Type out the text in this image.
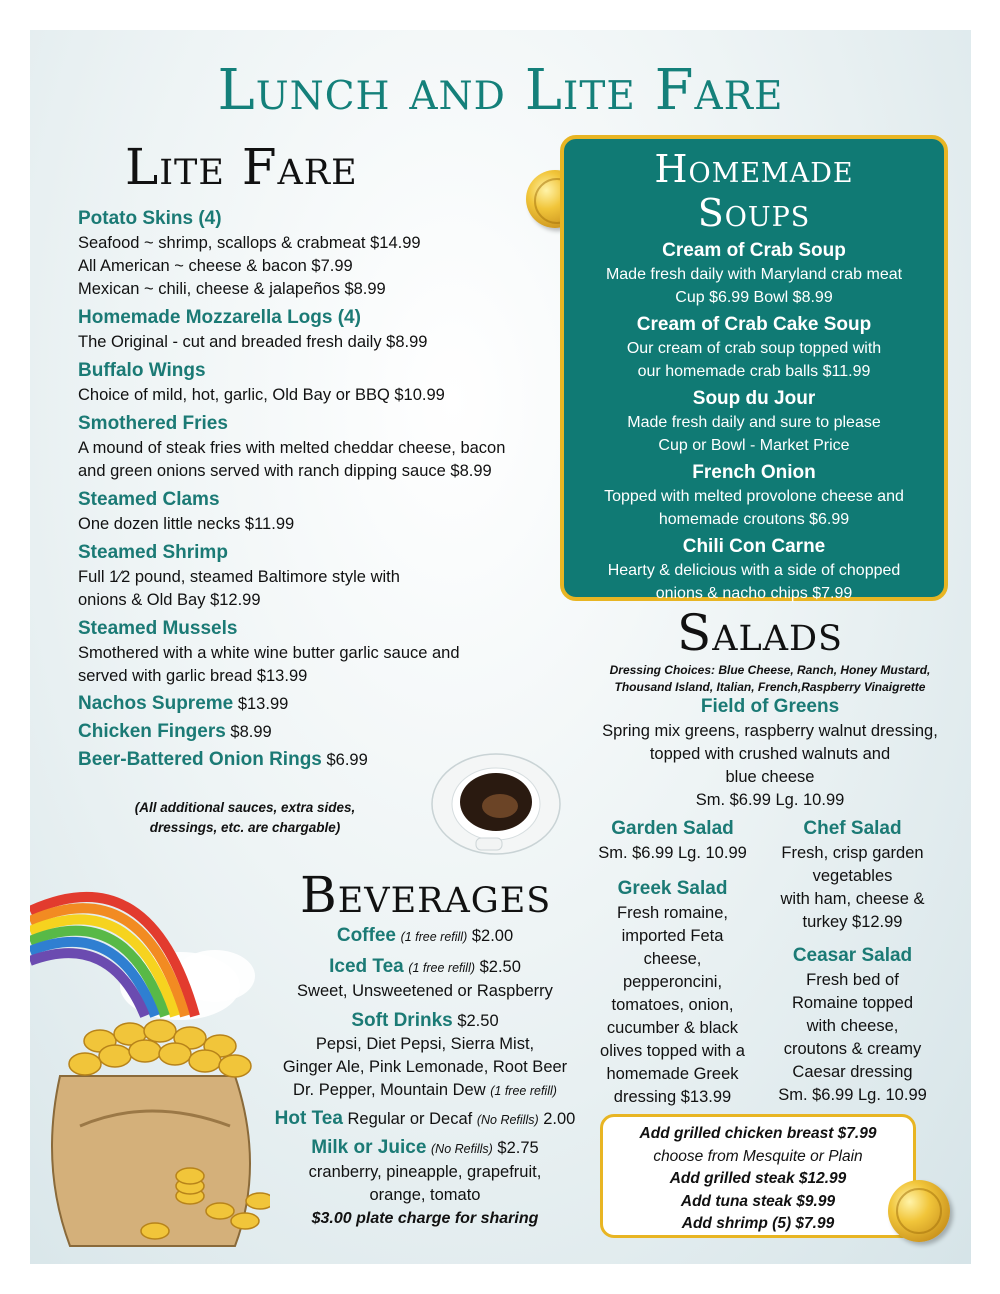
Lunch and Lite Fare
Lite Fare
Potato Skins (4)
Seafood ~ shrimp, scallops & crabmeat $14.99
All American ~ cheese & bacon $7.99
Mexican ~ chili, cheese & jalapeños $8.99
Homemade Mozzarella Logs (4)
The Original - cut and breaded fresh daily $8.99
Buffalo Wings
Choice of mild, hot, garlic, Old Bay or BBQ $10.99
Smothered Fries
A mound of steak fries with melted cheddar cheese, bacon
and green onions served with ranch dipping sauce $8.99
Steamed Clams
One dozen little necks $11.99
Steamed Shrimp
Full 1⁄2 pound, steamed Baltimore style with
onions & Old Bay $12.99
Steamed Mussels
Smothered with a white wine butter garlic sauce and
served with garlic bread $13.99
Nachos Supreme $13.99
Chicken Fingers $8.99
Beer-Battered Onion Rings $6.99
(All additional sauces, extra sides,
dressings, etc. are chargable)
Homemade
Soups
Cream of Crab Soup
Made fresh daily with Maryland crab meat
Cup $6.99 Bowl $8.99
Cream of Crab Cake Soup
Our cream of crab soup topped with
our homemade crab balls $11.99
Soup du Jour
Made fresh daily and sure to please
Cup or Bowl - Market Price
French Onion
Topped with melted provolone cheese and
homemade croutons $6.99
Chili Con Carne
Hearty & delicious with a side of chopped
onions & nacho chips $7.99
Salads
Dressing Choices: Blue Cheese, Ranch, Honey Mustard,
Thousand Island, Italian, French,Raspberry Vinaigrette
Field of Greens
Spring mix greens, raspberry walnut dressing,
topped with crushed walnuts and
blue cheese
Sm. $6.99 Lg. 10.99
Garden Salad
Sm. $6.99 Lg. 10.99
Greek Salad
Fresh romaine,
imported Feta
cheese,
pepperoncini,
tomatoes, onion,
cucumber & black
olives topped with a
homemade Greek
dressing $13.99
Chef Salad
Fresh, crisp garden
vegetables
with ham, cheese &
turkey $12.99
Ceasar Salad
Fresh bed of
Romaine topped
with cheese,
croutons & creamy
Caesar dressing
Sm. $6.99 Lg. 10.99
Add grilled chicken breast $7.99
choose from Mesquite or Plain
Add grilled steak $12.99
Add tuna steak $9.99
Add shrimp (5) $7.99
Beverages
Coffee (1 free refill) $2.00
Iced Tea (1 free refill) $2.50
Sweet, Unsweetened or Raspberry
Soft Drinks $2.50
Pepsi, Diet Pepsi, Sierra Mist,
Ginger Ale, Pink Lemonade, Root Beer
Dr. Pepper, Mountain Dew (1 free refill)
Hot Tea Regular or Decaf (No Refills) 2.00
Milk or Juice (No Refills) $2.75
cranberry, pineapple, grapefruit,
orange, tomato
$3.00 plate charge for sharing
